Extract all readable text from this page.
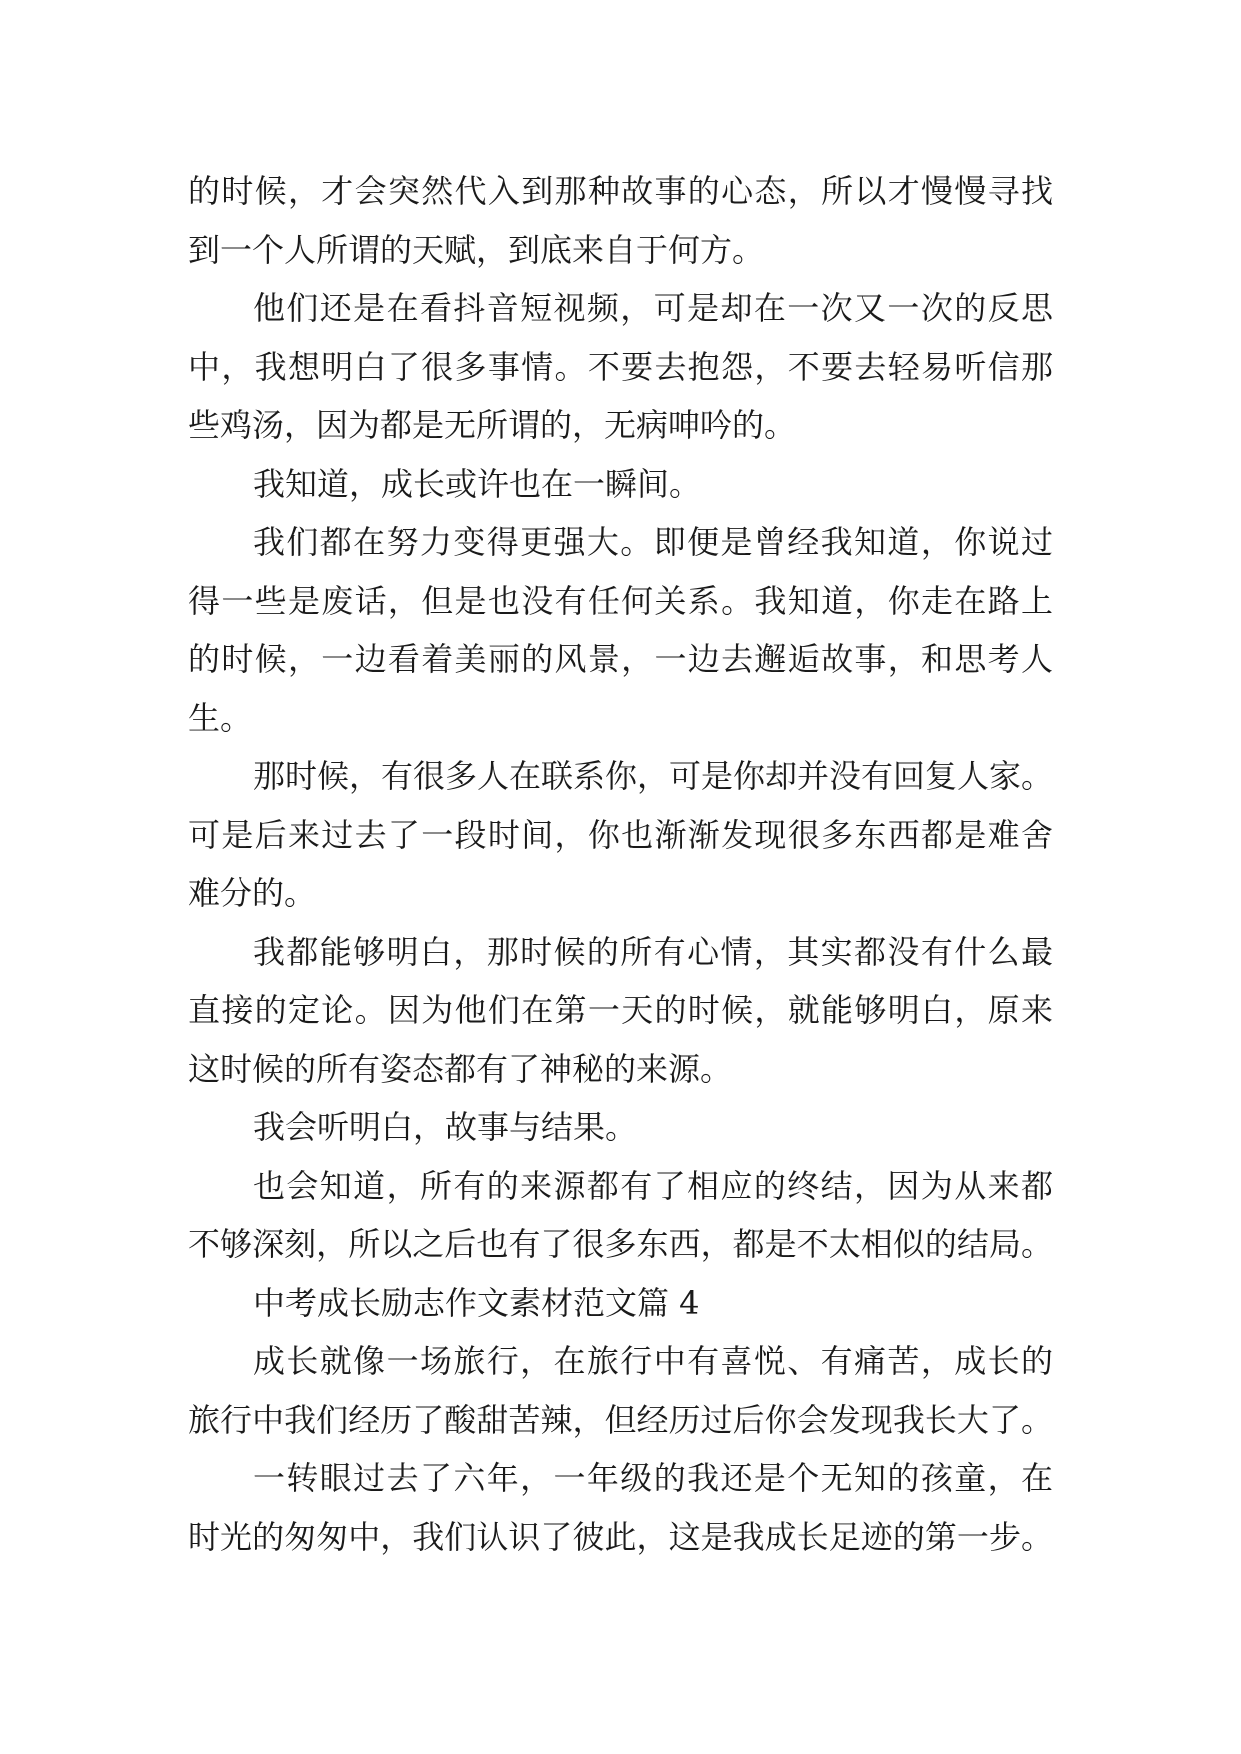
的时候，才会突然代入到那种故事的心态，所以才慢慢寻找
到一个人所谓的天赋，到底来自于何方。
他们还是在看抖音短视频，可是却在一次又一次的反思
中，我想明白了很多事情。不要去抱怨，不要去轻易听信那
些鸡汤，因为都是无所谓的，无病呻吟的。
我知道，成长或许也在一瞬间。
我们都在努力变得更强大。即便是曾经我知道，你说过
得一些是废话，但是也没有任何关系。我知道，你走在路上
的时候，一边看着美丽的风景，一边去邂逅故事，和思考人
生。
那时候，有很多人在联系你，可是你却并没有回复人家。
可是后来过去了一段时间，你也渐渐发现很多东西都是难舍
难分的。
我都能够明白，那时候的所有心情，其实都没有什么最
直接的定论。因为他们在第一天的时候，就能够明白，原来
这时候的所有姿态都有了神秘的来源。
我会听明白，故事与结果。
也会知道，所有的来源都有了相应的终结，因为从来都
不够深刻，所以之后也有了很多东西，都是不太相似的结局。
中考成长励志作文素材范文篇 4
成长就像一场旅行，在旅行中有喜悦、有痛苦，成长的
旅行中我们经历了酸甜苦辣，但经历过后你会发现我长大了。
一转眼过去了六年，一年级的我还是个无知的孩童，在
时光的匆匆中，我们认识了彼此，这是我成长足迹的第一步。
